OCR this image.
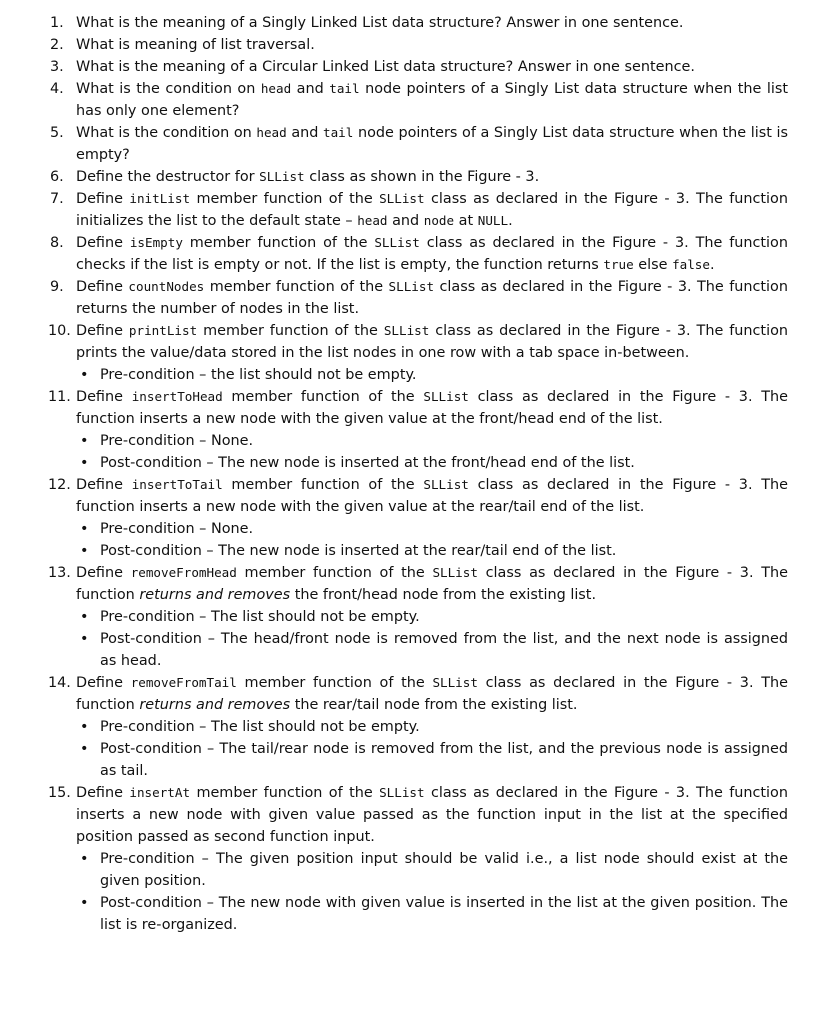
1. What is the meaning of a Singly Linked List data structure? Answer in one sentence.
2. What is meaning of list traversal.
3. What is the meaning of a Circular Linked List data structure? Answer in one sentence.
4. What is the condition on head and tail node pointers of a Singly List data structure when the list has only one element?
5. What is the condition on head and tail node pointers of a Singly List data structure when the list is empty?
6. Define the destructor for SLList class as shown in the Figure - 3.
7. Define initList member function of the SLList class as declared in the Figure - 3. The function initializes the list to the default state – head and node at NULL.
8. Define isEmpty member function of the SLList class as declared in the Figure - 3. The function checks if the list is empty or not. If the list is empty, the function returns true else false.
9. Define countNodes member function of the SLList class as declared in the Figure - 3. The function returns the number of nodes in the list.
10. Define printList member function of the SLList class as declared in the Figure - 3. The function prints the value/data stored in the list nodes in one row with a tab space in-between.
• Pre-condition – the list should not be empty.
11. Define insertToHead member function of the SLList class as declared in the Figure - 3. The function inserts a new node with the given value at the front/head end of the list.
• Pre-condition – None.
• Post-condition – The new node is inserted at the front/head end of the list.
12. Define insertToTail member function of the SLList class as declared in the Figure - 3. The function inserts a new node with the given value at the rear/tail end of the list.
• Pre-condition – None.
• Post-condition – The new node is inserted at the rear/tail end of the list.
13. Define removeFromHead member function of the SLList class as declared in the Figure - 3. The function returns and removes the front/head node from the existing list.
• Pre-condition – The list should not be empty.
• Post-condition – The head/front node is removed from the list, and the next node is assigned as head.
14. Define removeFromTail member function of the SLList class as declared in the Figure - 3. The function returns and removes the rear/tail node from the existing list.
• Pre-condition – The list should not be empty.
• Post-condition – The tail/rear node is removed from the list, and the previous node is assigned as tail.
15. Define insertAt member function of the SLList class as declared in the Figure - 3. The function inserts a new node with given value passed as the function input in the list at the specified position passed as second function input.
• Pre-condition – The given position input should be valid i.e., a list node should exist at the given position.
• Post-condition – The new node with given value is inserted in the list at the given position. The list is re-organized.
